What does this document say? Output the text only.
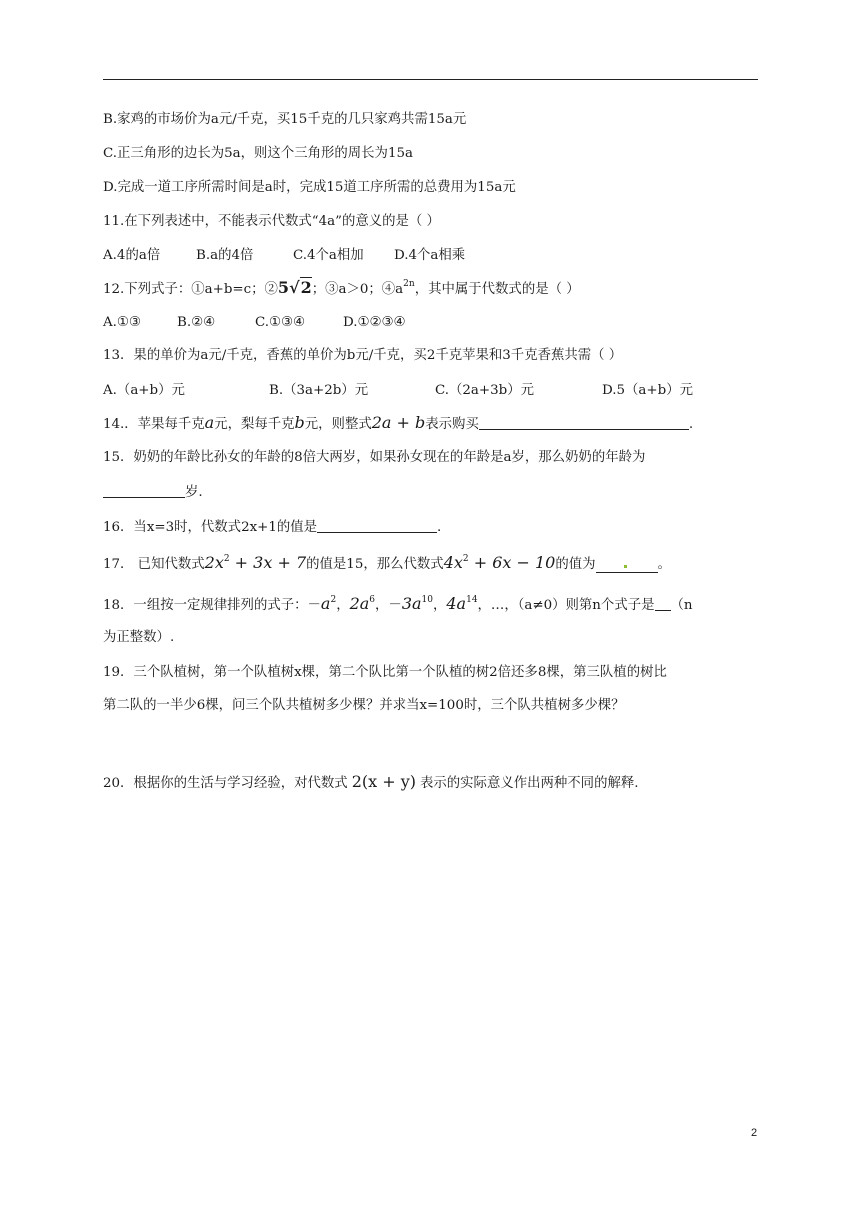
B.家鸡的市场价为a元/千克，买15千克的几只家鸡共需15a元
C.正三角形的边长为5a，则这个三角形的周长为15a
D.完成一道工序所需时间是a时，完成15道工序所需的总费用为15a元
11.在下列表述中，不能表示代数式“4a”的意义的是（ ）
A.4的a倍	B.a的4倍	C.4个a相加 D.4个a相乘
12.下列式子：①a+b=c；②5√2；③a＞0；$④a^{2n}$，其中属于代数式的是（ ）
A.①③	B.②④	C.①③④	D.①②③④
13．果的单价为a元/千克，香蕉的单价为b元/千克，买2千克苹果和3千克香蕉共需（ ）
A.（a+b）元	B.（3a+2b）元	C.（2a+3b）元	D.5（a+b）元
14.．苹果每千克a元，梨每千克b元，则整式2a + b表示购买	.
15．奶奶的年龄比孙女的年龄的8倍大两岁，如果孙女现在的年龄是a岁，那么奶奶的年龄为
岁.
16．当x=3时，代数式2x+1的值是	.
17． 已知代数式$2x^2 + 3x + 7$的值是15，那么代数式$4x^2 + 6x - 10$的值为	。
18．一组按一定规律排列的式子：$-a^2$，$2a^6$，$-3a^{10}$，$4a^{14}$，…，（a≠0）则第n个式子是 （n
为正整数）.
19．三个队植树，第一个队植树x棵，第二个队比第一个队植的树2倍还多8棵，第三队植的树比
第二队的一半少6棵，问三个队共植树多少棵？并求当x=100时，三个队共植树多少棵？
20．根据你的生活与学习经验，对代数式 2(x + y) 表示的实际意义作出两种不同的解释.
2
